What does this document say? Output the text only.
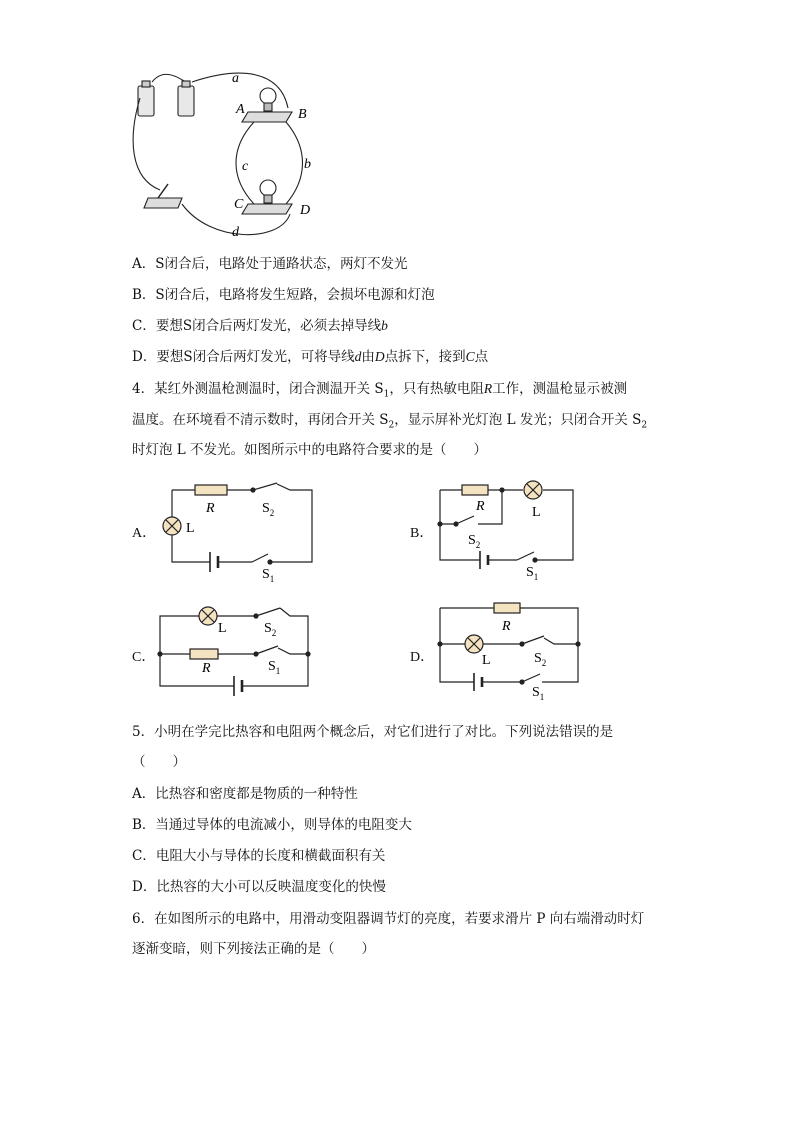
a
A	B
c	b
C	D
d
A．S闭合后，电路处于通路状态，两灯不发光
B．S闭合后，电路将发生短路，会损坏电源和灯泡
C．要想S闭合后两灯发光，必须去掉导线b
D．要想S闭合后两灯发光，可将导线d由D点拆下，接到C点
4．某红外测温枪测温时，闭合测温开关 $S_1$，只有热敏电阻R工作，测温枪显示被测
温度。在环境看不清示数时，再闭合开关 $S_2$，显示屏补光灯泡 L 发光；只闭合开关 $S_2$
时灯泡 L 不发光。如图所示中的电路符合要求的是（　　）
A．
R
L
$S_2$
$S_1$
B．
R	L
$S_2$
$S_1$
C．
L	$S_2$
R	$S_1$
D．
R
L	$S_2$
$S_1$
5．小明在学完比热容和电阻两个概念后，对它们进行了对比。下列说法错误的是
（　　）
A．比热容和密度都是物质的一种特性
B．当通过导体的电流减小，则导体的电阻变大
C．电阻大小与导体的长度和横截面积有关
D．比热容的大小可以反映温度变化的快慢
6．在如图所示的电路中，用滑动变阻器调节灯的亮度，若要求滑片 P 向右端滑动时灯
逐渐变暗，则下列接法正确的是（　　）
